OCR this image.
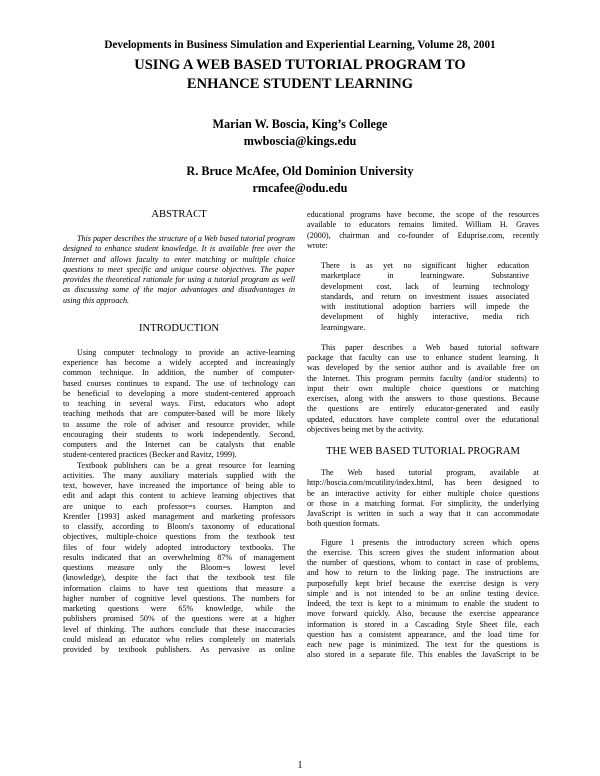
Developments in Business Simulation and Experiential Learning, Volume 28, 2001
USING A WEB BASED TUTORIAL PROGRAM TO
ENHANCE STUDENT LEARNING
Marian W. Boscia, King’s College
mwboscia@kings.edu
R. Bruce McAfee, Old Dominion University
rmcafee@odu.edu
ABSTRACT
This paper describes the structure of a Web based tutorial program designed to enhance student knowledge. It is available free over the Internet and allows faculty to enter matching or multiple choice questions to meet specific and unique course objectives. The paper provides the theoretical rationale for using a tutorial program as well as discussing some of the major advantages and disadvantages in using this approach.
INTRODUCTION
Using computer technology to provide an active-learning
experience has become a widely accepted and increasingly
common technique. In addition, the number of computer-
based courses continues to expand. The use of technology can
be beneficial to developing a more student-centered approach
to teaching in several ways. First, educators who adopt
teaching methods that are computer-based will be more likely
to assume the role of adviser and resource provider, while
encouraging their students to work independently. Second,
computers and the Internet can be catalysts that enable
student-centered practices (Becker and Ravitz, 1999).
Textbook publishers can be a great resource for learning
activities. The many auxiliary materials supplied with the
text, however, have increased the importance of being able to
edit and adapt this content to achieve learning objectives that
are unique to each professor=s courses. Hampton and
Krentler [1993] asked management and marketing professors
to classify, according to Bloom's taxonomy of educational
objectives, multiple-choice questions from the textbook test
files of four widely adopted introductory textbooks. The
results indicated that an overwhelming 87% of management
questions measure only the Bloom=s lowest level
(knowledge), despite the fact that the textbook test file
information claims to have test questions that measure a
higher number of cognitive level questions. The numbers for
marketing questions were 65% knowledge, while the
publishers promised 50% of the questions were at a higher
level of thinking. The authors conclude that these inaccuracies
could mislead an educator who relies completely on materials
provided by textbook publishers. As pervasive as online
educational programs have become, the scope of the resources
available to educators remains limited. William H. Graves
(2000), chairman and co-founder of Eduprise.com, recently
wrote:
There is as yet no significant higher education
marketplace in learningware. Substantive
development cost, lack of learning technology
standards, and return on investment issues associated
with institutional adoption barriers will impede the
development of highly interactive, media rich
learningware.
This paper describes a Web based tutorial software
package that faculty can use to enhance student learning. It
was developed by the senior author and is available free on
the Internet. This program permits faculty (and/or students) to
input their own multiple choice questions or matching
exercises, along with the answers to those questions. Because
the questions are entirely educator-generated and easily
updated, educators have complete control over the educational
objectives being met by the activity.
THE WEB BASED TUTORIAL PROGRAM
The Web based tutorial program, available at
http://boscia.com/mcutility/index.html, has been designed to
be an interactive activity for either multiple choice questions
or those in a matching format. For simplicity, the underlying
JavaScript is written in such a way that it can accommodate
both question formats.
Figure 1 presents the introductory screen which opens
the exercise. This screen gives the student information about
the number of questions, whom to contact in case of problems,
and how to return to the linking page. The instructions are
purposefully kept brief because the exercise design is very
simple and is not intended to be an online testing device.
Indeed, the text is kept to a minimum to enable the student to
move forward quickly. Also, because the exercise appearance
information is stored in a Cascading Style Sheet file, each
question has a consistent appearance, and the load time for
each new page is minimized. The text for the questions is
also stored in a separate file. This enables the JavaScript to be
1
